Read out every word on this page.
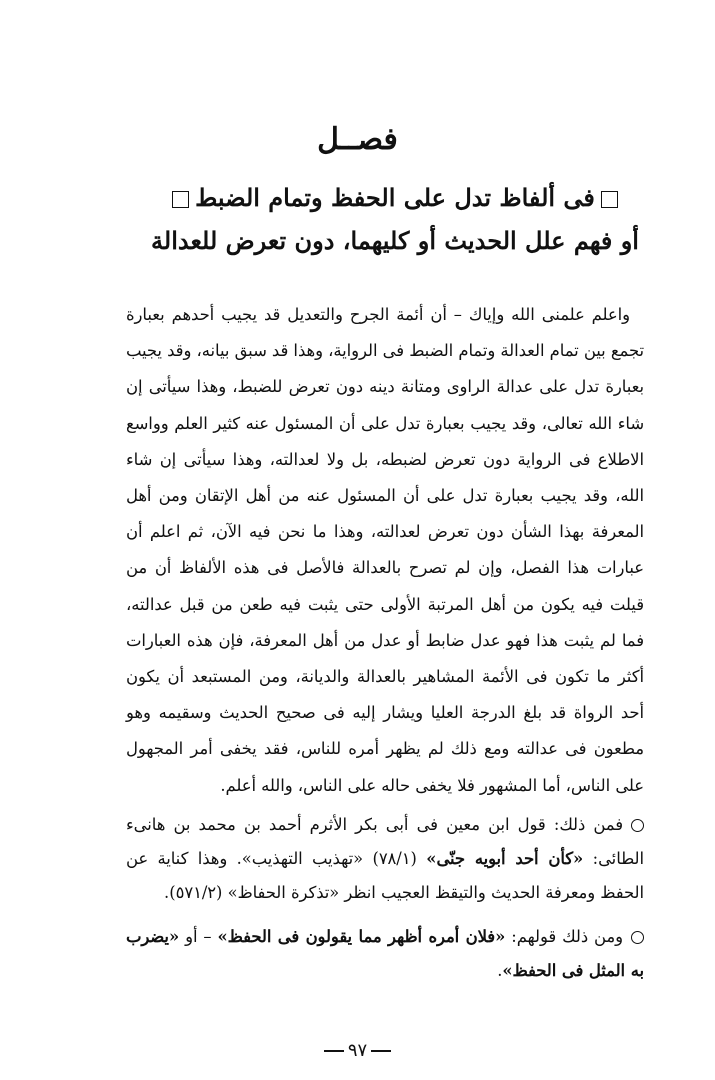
فصــل
فى ألفاظ تدل على الحفظ وتمام الضبط
أو فهم علل الحديث أو كليهما، دون تعرض للعدالة

واعلم علمنى الله وإياك – أن أئمة الجرح والتعديل قد يجيب أحدهم بعبارة تجمع بين تمام العدالة وتمام الضبط فى الرواية، وهذا قد سبق بيانه، وقد يجيب بعبارة تدل على عدالة الراوى ومتانة دينه دون تعرض للضبط، وهذا سيأتى إن شاء الله تعالى، وقد يجيب بعبارة تدل على أن المسئول عنه كثير العلم وواسع الاطلاع فى الرواية دون تعرض لضبطه، بل ولا لعدالته، وهذا سيأتى إن شاء الله، وقد يجيب بعبارة تدل على أن المسئول عنه من أهل الإتقان ومن أهل المعرفة بهذا الشأن دون تعرض لعدالته، وهذا ما نحن فيه الآن، ثم اعلم أن عبارات هذا الفصل، وإن لم تصرح بالعدالة فالأصل فى هذه الألفاظ أن من قيلت فيه يكون من أهل المرتبة الأولى حتى يثبت فيه طعن من قبل عدالته، فما لم يثبت هذا فهو عدل ضابط أو عدل من أهل المعرفة، فإن هذه العبارات أكثر ما تكون فى الأئمة المشاهير بالعدالة والديانة، ومن المستبعد أن يكون أحد الرواة قد بلغ الدرجة العليا ويشار إليه فى صحيح الحديث وسقيمه وهو مطعون فى عدالته ومع ذلك لم يظهر أمره للناس، فقد يخفى أمر المجهول على الناس، أما المشهور فلا يخفى حاله على الناس، والله أعلم.

فمن ذلك: قول ابن معين فى أبى بكر الأثرم أحمد بن محمد بن هانىء الطائى: «كأن أحد أبويه جنّى» (٧٨/١) «تهذيب التهذيب». وهذا كناية عن الحفظ ومعرفة الحديث والتيقظ العجيب انظر «تذكرة الحفاظ» (٥٧١/٢).

ومن ذلك قولهم: «فلان أمره أظهر مما يقولون فى الحفظ» – أو «يضرب به المثل فى الحفظ».

٩٧
